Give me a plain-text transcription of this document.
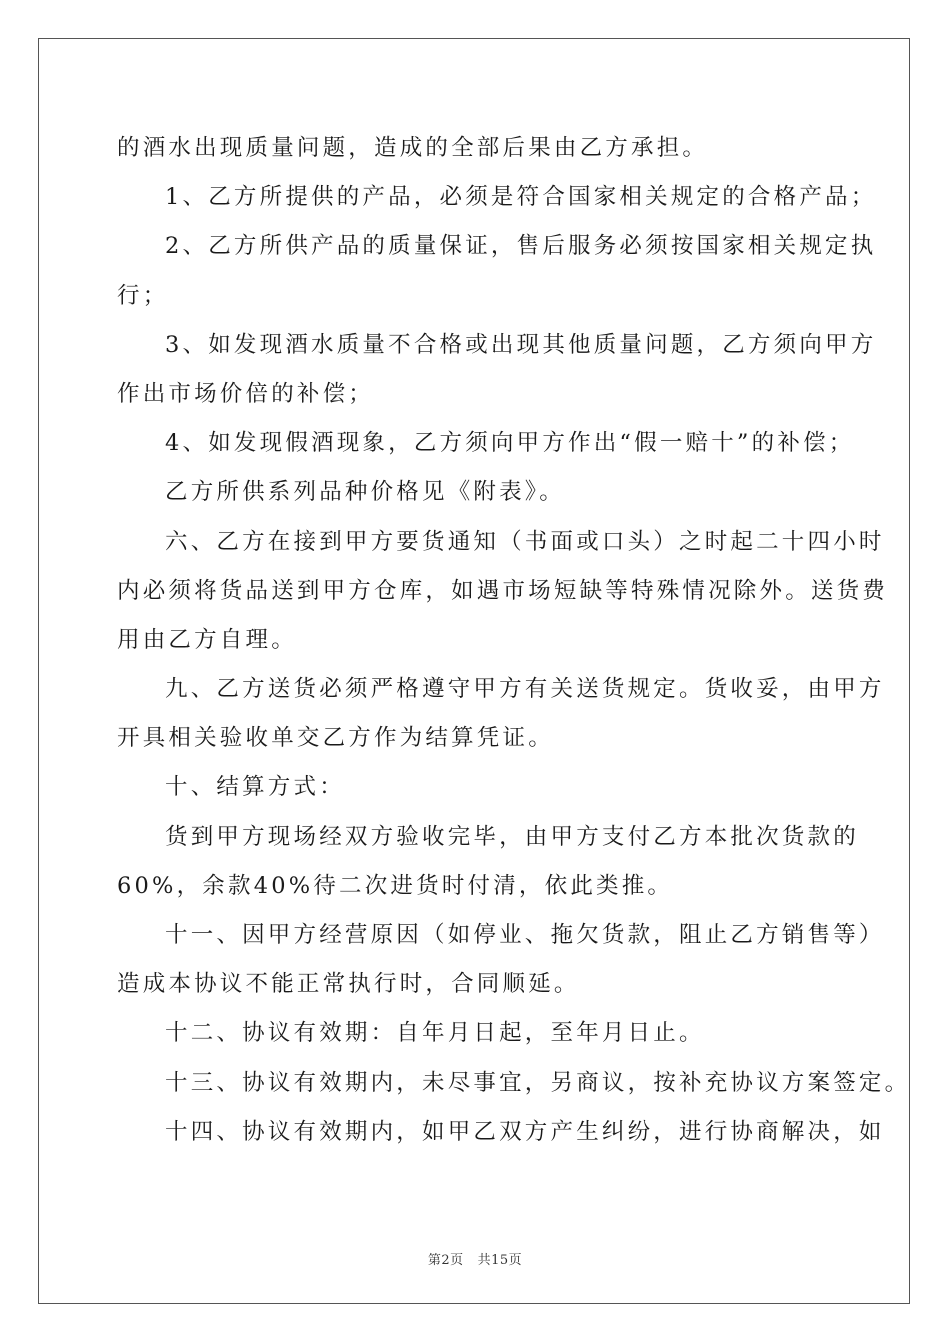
的酒水出现质量问题，造成的全部后果由乙方承担。
1、乙方所提供的产品，必须是符合国家相关规定的合格产品；
2、乙方所供产品的质量保证，售后服务必须按国家相关规定执
行；
3、如发现酒水质量不合格或出现其他质量问题，乙方须向甲方
作出市场价倍的补偿；
4、如发现假酒现象，乙方须向甲方作出“假一赔十”的补偿；
乙方所供系列品种价格见《附表》。
六、乙方在接到甲方要货通知（书面或口头）之时起二十四小时
内必须将货品送到甲方仓库，如遇市场短缺等特殊情况除外。送货费
用由乙方自理。
九、乙方送货必须严格遵守甲方有关送货规定。货收妥，由甲方
开具相关验收单交乙方作为结算凭证。
十、结算方式：
货到甲方现场经双方验收完毕，由甲方支付乙方本批次货款的
60%，余款40%待二次进货时付清，依此类推。
十一、因甲方经营原因（如停业、拖欠货款，阻止乙方销售等）
造成本协议不能正常执行时，合同顺延。
十二、协议有效期：自年月日起，至年月日止。
十三、协议有效期内，未尽事宜，另商议，按补充协议方案签定。
十四、协议有效期内，如甲乙双方产生纠纷，进行协商解决，如
第2页 共15页
